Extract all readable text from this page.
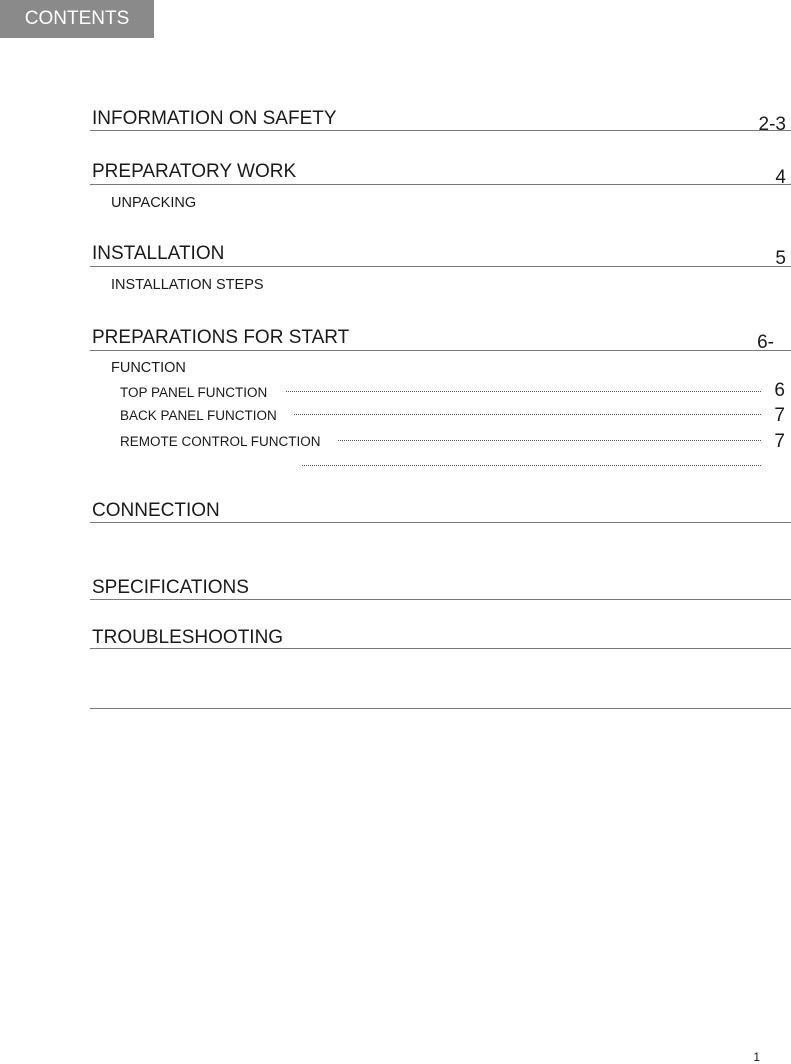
CONTENTS
INFORMATION ON SAFETY	2-3
PREPARATORY WORK	4
UNPACKING
INSTALLATION	5
INSTALLATION STEPS
PREPARATIONS FOR START	6-
FUNCTION
TOP PANEL FUNCTION	6
BACK PANEL FUNCTION	7
REMOTE CONTROL FUNCTION	7
CONNECTION
SPECIFICATIONS
TROUBLESHOOTING
1
